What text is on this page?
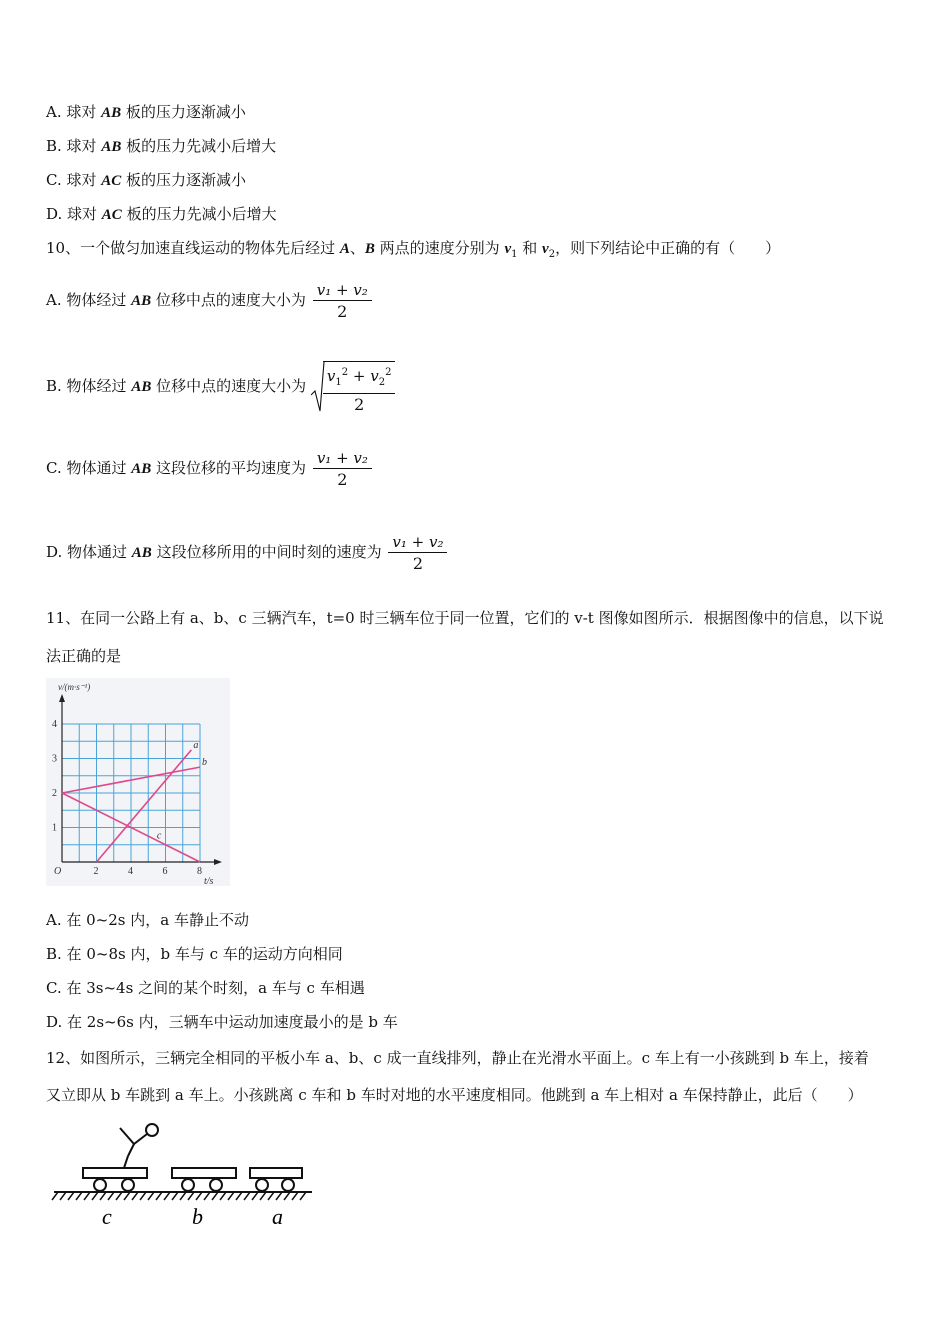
A. 球对 AB 板的压力逐渐减小
B. 球对 AB 板的压力先减小后增大
C. 球对 AC 板的压力逐渐减小
D. 球对 AC 板的压力先减小后增大
10、一个做匀加速直线运动的物体先后经过 A、B 两点的速度分别为 $v_1$ 和 $v_2$，则下列结论中正确的有（　　）
A. 物体经过 AB 位移中点的速度大小为 $\frac{\text{v₁ + v₂}}{2}$
B. 物体经过 AB 位移中点的速度大小为 $\frac{v_1^2 + v_2^2}{2}$
C. 物体通过 AB 这段位移的平均速度为 $\frac{\text{v₁ + v₂}}{2}$
D. 物体通过 AB 这段位移所用的中间时刻的速度为 $\frac{\text{v₁ + v₂}}{2}$
11、在同一公路上有 a、b、c 三辆汽车，t=0 时三辆车位于同一位置，它们的 v-t 图像如图所示．根据图像中的信息，以下说
法正确的是
O	2	4	6	8
1
2
3
4
v/(m·s⁻¹)
t/s
a
b
c
A. 在 0~2s 内，a 车静止不动
B. 在 0~8s 内，b 车与 c 车的运动方向相同
C. 在 3s~4s 之间的某个时刻，a 车与 c 车相遇
D. 在 2s~6s 内，三辆车中运动加速度最小的是 b 车
12、如图所示，三辆完全相同的平板小车 a、b、c 成一直线排列，静止在光滑水平面上。c 车上有一小孩跳到 b 车上，接着
又立即从 b 车跳到 a 车上。小孩跳离 c 车和 b 车时对地的水平速度相同。他跳到 a 车上相对 a 车保持静止，此后（　　）
c	b	a
